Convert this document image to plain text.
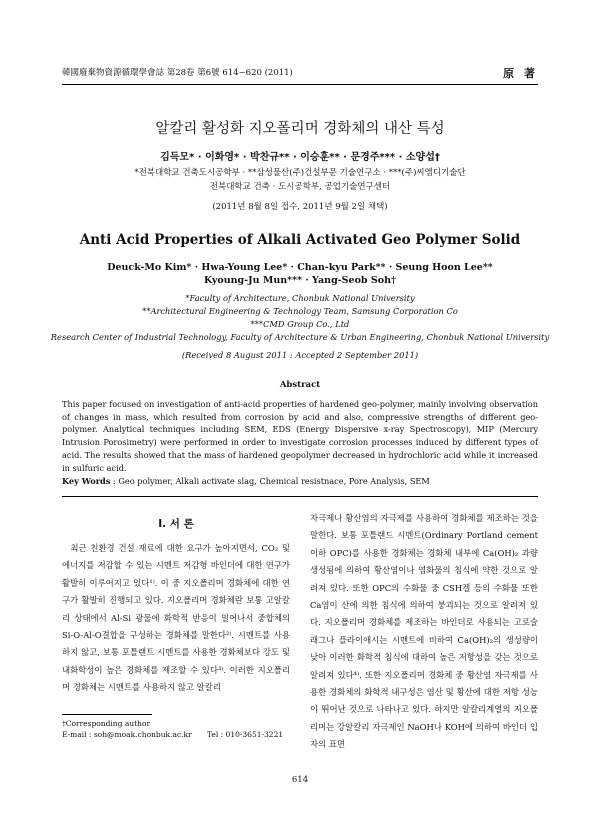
韓國廢棄物資源循環學會誌 第28卷 第6號 614~620 (2011)	原 著
알칼리 활성화 지오폴리머 경화체의 내산 특성
김득모* · 이화영* · 박찬규** · 이승훈** · 문경주*** · 소양섭†
*전북대학교 건축도시공학부 · **삼성물산(주)건설부문 기술연구소 · ***(주)씨엠디기술단
전북대학교 건축 · 도시공학부, 공업기술연구센터
(2011년 8월 8일 접수, 2011년 9월 2일 채택)
Anti Acid Properties of Alkali Activated Geo Polymer Solid
Deuck-Mo Kim* · Hwa-Young Lee* · Chan-kyu Park** · Seung Hoon Lee**
Kyoung-Ju Mun*** · Yang-Seob Soh†
*Faculty of Architecture, Chonbuk National University
**Architectural Engineering & Technology Team, Samsung Corporation Co
***CMD Group Co., Ltd
Research Center of Industrial Technology, Faculty of Architecture & Urban Engineering, Chonbuk National University
(Received 8 August 2011 : Accepted 2 September 2011)
Abstract
This paper focused on investigation of anti-acid properties of hardened geo-polymer, mainly involving observation of changes in mass, which resulted from corrosion by acid and also, compressive strengths of different geo-polymer. Analytical techniques including SEM, EDS (Energy Dispersive x-ray Spectroscopy), MIP (Mercury Intrusion Porosimetry) were performed in order to investigate corrosion processes induced by different types of acid. The results showed that the mass of hardened geopolymer decreased in hydrochloric acid while it increased in sulfuric acid.
Key Words : Geo polymer, Alkali activate slag, Chemical resistnace, Pore Analysis, SEM
I. 서 론

최근 친환경 건설 재료에 대한 요구가 높아지면서, CO₂ 및 에너지를 저감할 수 있는 시멘트 저감형 바인더에 대한 연구가 활발히 이루어지고 있다¹⁾. 이 중 지오폴리머 경화체에 대한 연구가 활발히 진행되고 있다. 지오폴리머 경화체란 보통 고알칼리 상태에서 Al-Si 광물에 화학적 반응이 일어나서 중합체의 Si-O-Al-O결합을 구성하는 경화체를 말한다²⁾. 시멘트를 사용하지 않고, 보통 포틀랜트 시멘트를 사용한 경화체보다 강도 및 내화학성이 높은 경화체를 제조할 수 있다³⁾. 이러한 지오폴리머 경화체는 시멘트를 사용하지 않고 알칼리

자극제나 황산염의 자극제를 사용하여 경화체를 제조하는 것을 말한다. 보통 포틀랜드 시멘트(Ordinary Portland cement 이하 OPC)를 사용한 경화체는 경화체 내부에 Ca(OH)₂ 과량 생성됨에 의하여 황산염이나 염화물의 침식에 약한 것으로 알려져 있다. 또한 OPC의 수화물 중 CSH겔 등의 수화물 또한 Ca염이 산에 의한 침식에 의하여 붕괴되는 것으로 알려져 있다. 지오폴리머 경화체를 제조하는 바인더로 사용되는 고로슬래그나 플라이애시는 시멘트에 비하여 Ca(OH)₂의 생성량이 낮아 이러한 화학적 침식에 대하여 높은 저항성을 갖는 것으로 알려져 있다⁴⁾. 또한 지오폴리머 경화체 중 황산염 자극제를 사용한 경화체의 화학적 내구성은 염산 및 황산에 대한 저항 성능이 뛰어난 것으로 나타나고 있다. 하지만 알칼리계열의 지오폴리머는 강알칼리 자극제인 NaOH나 KOH에 의하여 바인더 입자의 표면

†Corresponding author
E-mail : soh@moak.chonbuk.ac.kr Tel : 010-3651-3221
614
